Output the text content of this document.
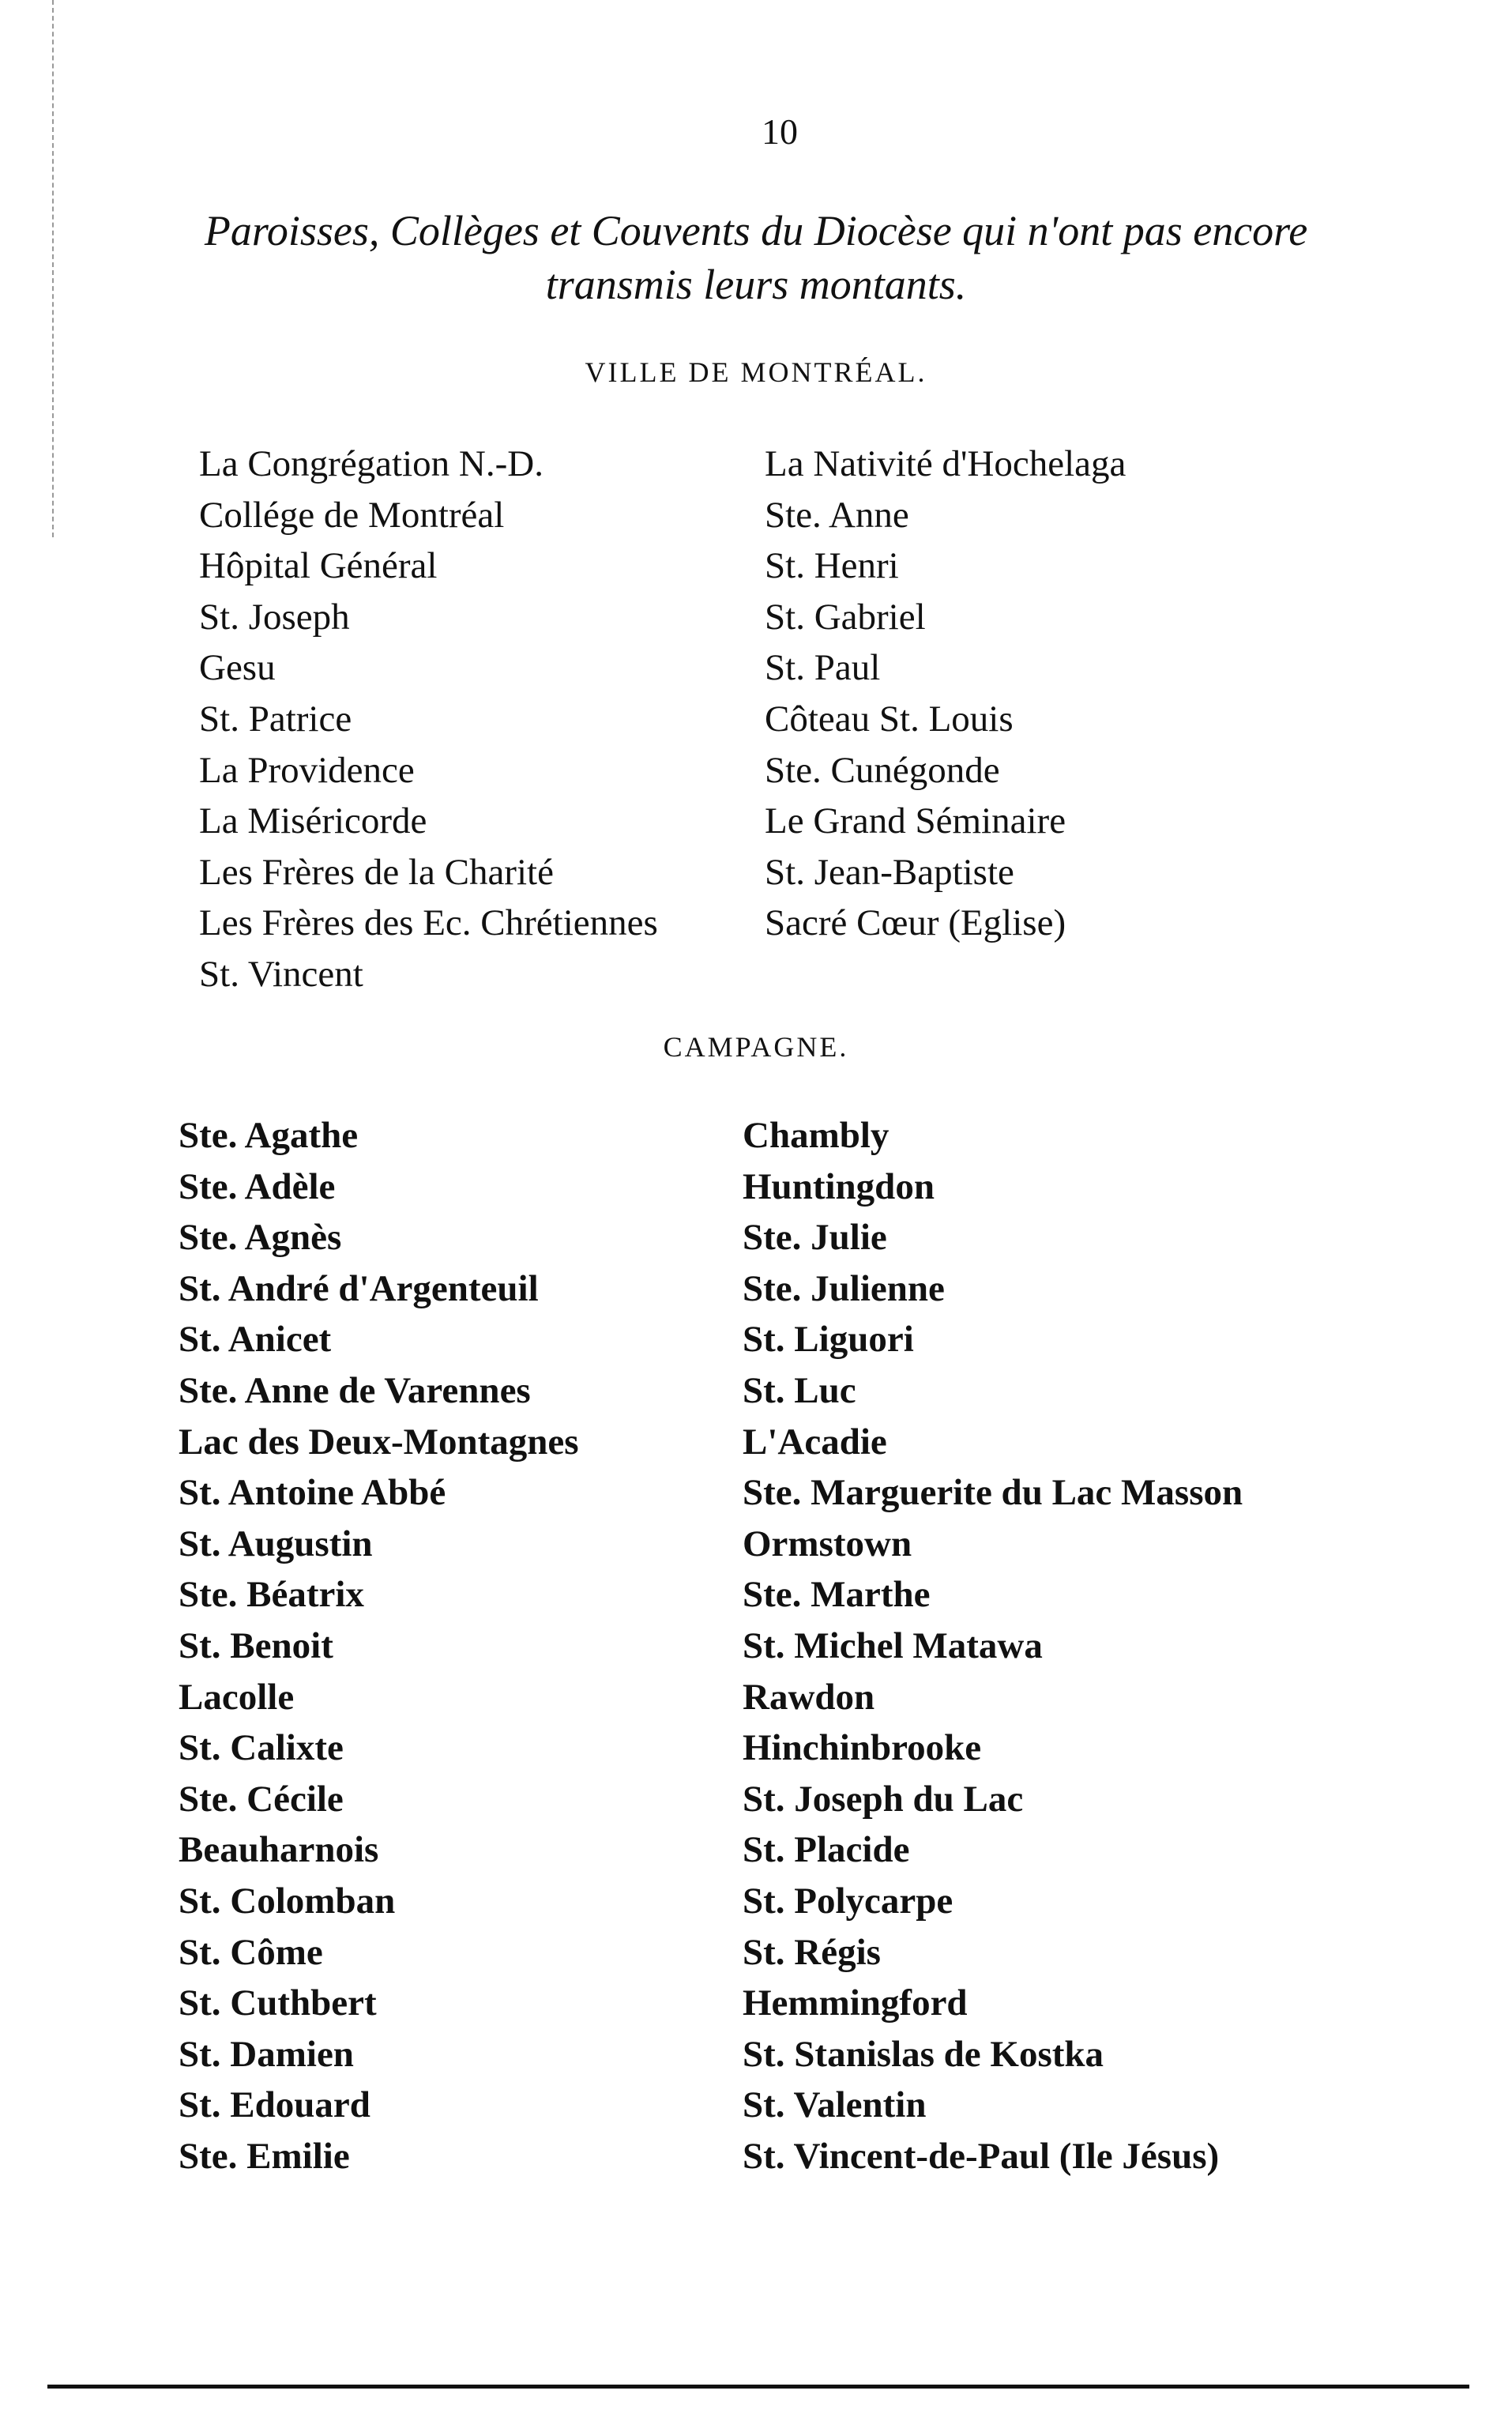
10
Paroisses, Collèges et Couvents du Diocèse qui n'ont pas encore
transmis leurs montants.
VILLE DE MONTRÉAL.
La Congrégation N.-D.
Collége de Montréal
Hôpital Général
St. Joseph
Gesu
St. Patrice
La Providence
La Miséricorde
Les Frères de la Charité
Les Frères des Ec. Chrétiennes
St. Vincent
La Nativité d'Hochelaga
Ste. Anne
St. Henri
St. Gabriel
St. Paul
Côteau St. Louis
Ste. Cunégonde
Le Grand Séminaire
St. Jean-Baptiste
Sacré Cœur (Eglise)
CAMPAGNE.
Ste. Agathe
Ste. Adèle
Ste. Agnès
St. André d'Argenteuil
St. Anicet
Ste. Anne de Varennes
Lac des Deux-Montagnes
St. Antoine Abbé
St. Augustin
Ste. Béatrix
St. Benoit
Lacolle
St. Calixte
Ste. Cécile
Beauharnois
St. Colomban
St. Côme
St. Cuthbert
St. Damien
St. Edouard
Ste. Emilie
Chambly
Huntingdon
Ste. Julie
Ste. Julienne
St. Liguori
St. Luc
L'Acadie
Ste. Marguerite du Lac Masson
Ormstown
Ste. Marthe
St. Michel Matawa
Rawdon
Hinchinbrooke
St. Joseph du Lac
St. Placide
St. Polycarpe
St. Régis
Hemmingford
St. Stanislas de Kostka
St. Valentin
St. Vincent-de-Paul (Ile Jésus)
